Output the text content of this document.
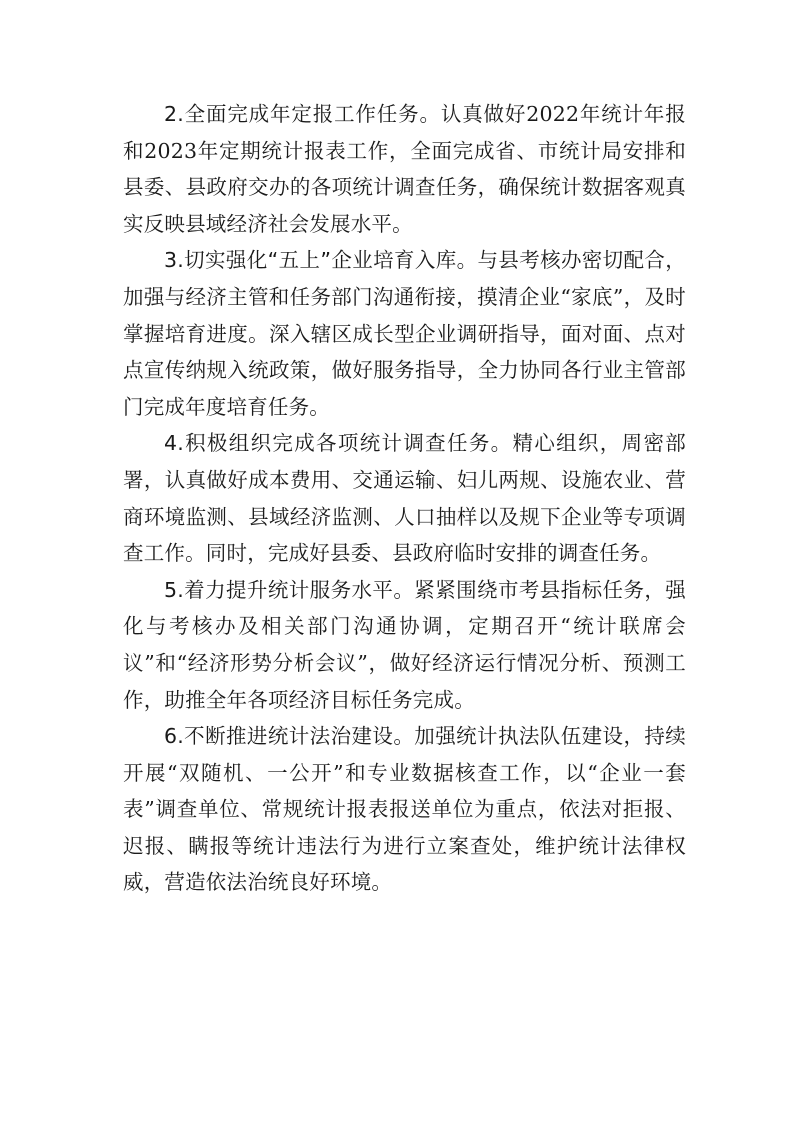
2.全面完成年定报工作任务。认真做好2022年统计年报和2023年定期统计报表工作，全面完成省、市统计局安排和县委、县政府交办的各项统计调查任务，确保统计数据客观真实反映县域经济社会发展水平。

3.切实强化“五上”企业培育入库。与县考核办密切配合，加强与经济主管和任务部门沟通衔接，摸清企业“家底”，及时掌握培育进度。深入辖区成长型企业调研指导，面对面、点对点宣传纳规入统政策，做好服务指导，全力协同各行业主管部门完成年度培育任务。

4.积极组织完成各项统计调查任务。精心组织，周密部署，认真做好成本费用、交通运输、妇儿两规、设施农业、营商环境监测、县域经济监测、人口抽样以及规下企业等专项调查工作。同时，完成好县委、县政府临时安排的调查任务。

5.着力提升统计服务水平。紧紧围绕市考县指标任务，强化与考核办及相关部门沟通协调，定期召开“统计联席会议”和“经济形势分析会议”，做好经济运行情况分析、预测工作，助推全年各项经济目标任务完成。

6.不断推进统计法治建设。加强统计执法队伍建设，持续开展“双随机、一公开”和专业数据核查工作，以“企业一套表”调查单位、常规统计报表报送单位为重点，依法对拒报、迟报、瞒报等统计违法行为进行立案查处，维护统计法律权威，营造依法治统良好环境。
